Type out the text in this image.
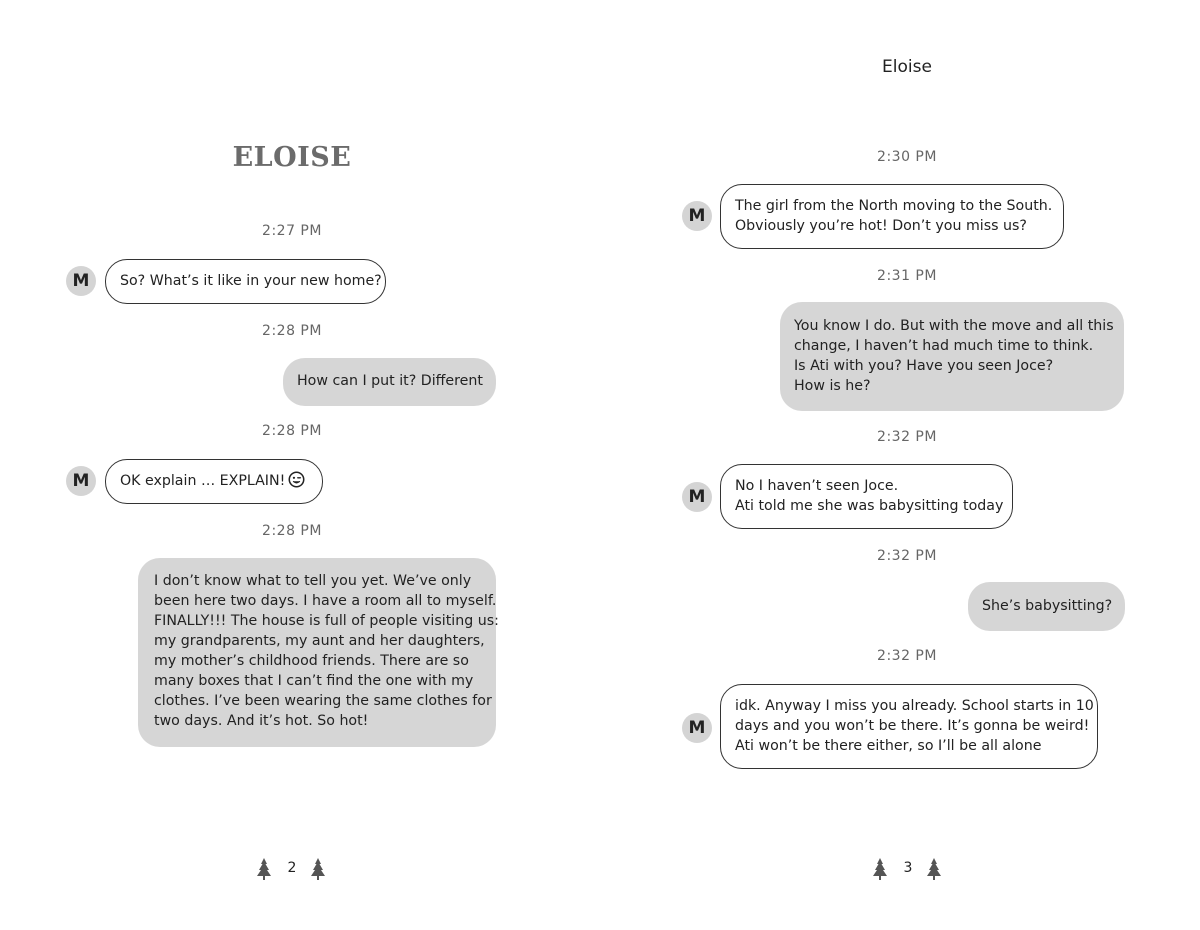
ELOISE
2:27 PM
M	So? What’s it like in your new home?
2:28 PM
How can I put it? Different
2:28 PM
M	OK explain … EXPLAIN!
2:28 PM
I don’t know what to tell you yet. We’ve only
been here two days. I have a room all to myself.
FINALLY!!! The house is full of people visiting us:
my grandparents, my aunt and her daughters,
my mother’s childhood friends. There are so
many boxes that I can’t find the one with my
clothes. I’ve been wearing the same clothes for
two days. And it’s hot. So hot!
2
Eloise
2:30 PM
M	The girl from the North moving to the South.
Obviously you’re hot! Don’t you miss us?
2:31 PM
You know I do. But with the move and all this
change, I haven’t had much time to think.
Is Ati with you? Have you seen Joce?
How is he?
2:32 PM
M
No I haven’t seen Joce.
Ati told me she was babysitting today
2:32 PM
She’s babysitting?
2:32 PM
M
idk. Anyway I miss you already. School starts in 10
days and you won’t be there. It’s gonna be weird!
Ati won’t be there either, so I’ll be all alone
3
